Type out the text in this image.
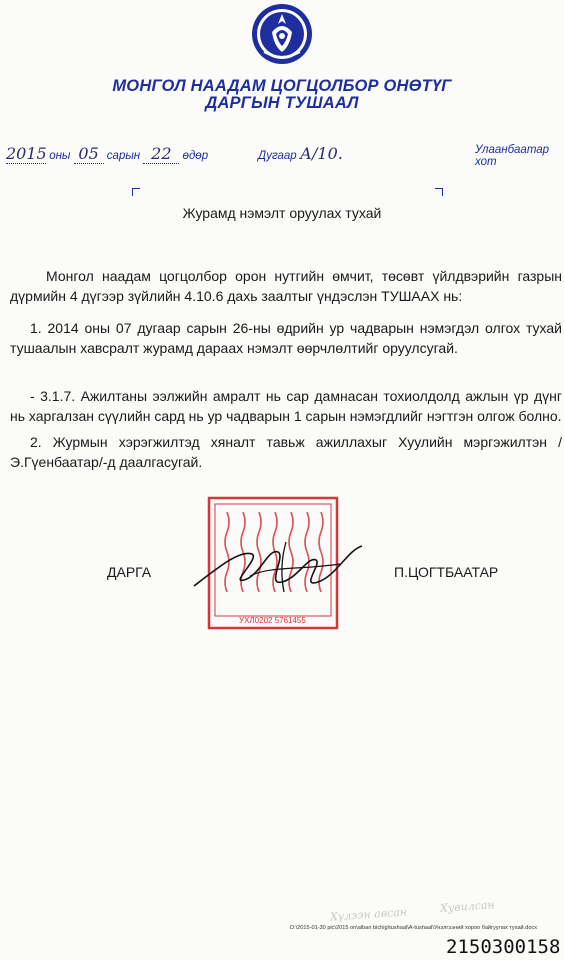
МОНГОЛ НААДАМ ЦОГЦОЛБОР ОНӨТҮГ
ДАРГЫН ТУШААЛ
2015 оны 05 сарын 22 өдөр	Дугаар А/10.	Улаанбаатар хот
Журамд нэмэлт оруулах тухай
Монгол наадам цогцолбор орон нутгийн өмчит, төсөвт үйлдвэрийн газрын дүрмийн 4 дүгээр зүйлийн 4.10.6 дахь заалтыг үндэслэн ТУШААХ нь:
1. 2014 оны 07 дугаар сарын 26-ны өдрийн ур чадварын нэмэгдэл олгох тухай тушаалын хавсралт журамд дараах нэмэлт өөрчлөлтийг оруулсугай.
- 3.1.7. Ажилтаны ээлжийн амралт нь сар дамнасан тохиолдолд ажлын үр дүнг нь харгалзан сүүлийн сард нь ур чадварын 1 сарын нэмэгдлийг нэгтгэн олгож болно.
2. Журмын хэрэгжилтэд хяналт тавьж ажиллахыг Хуулийн мэргэжилтэн /Э.Гүенбаатар/-д даалгасугай.
УХЛ0202 5761455
ДАРГА	П.ЦОГТБААТАР
Хүлээн авсан	Хувилсан
D:\2015-01-30 pic\2015 on\alban bichig\tushaal\A-tushaal\Унэлгээний хороо байгуулах тухай.docx
2150300158
